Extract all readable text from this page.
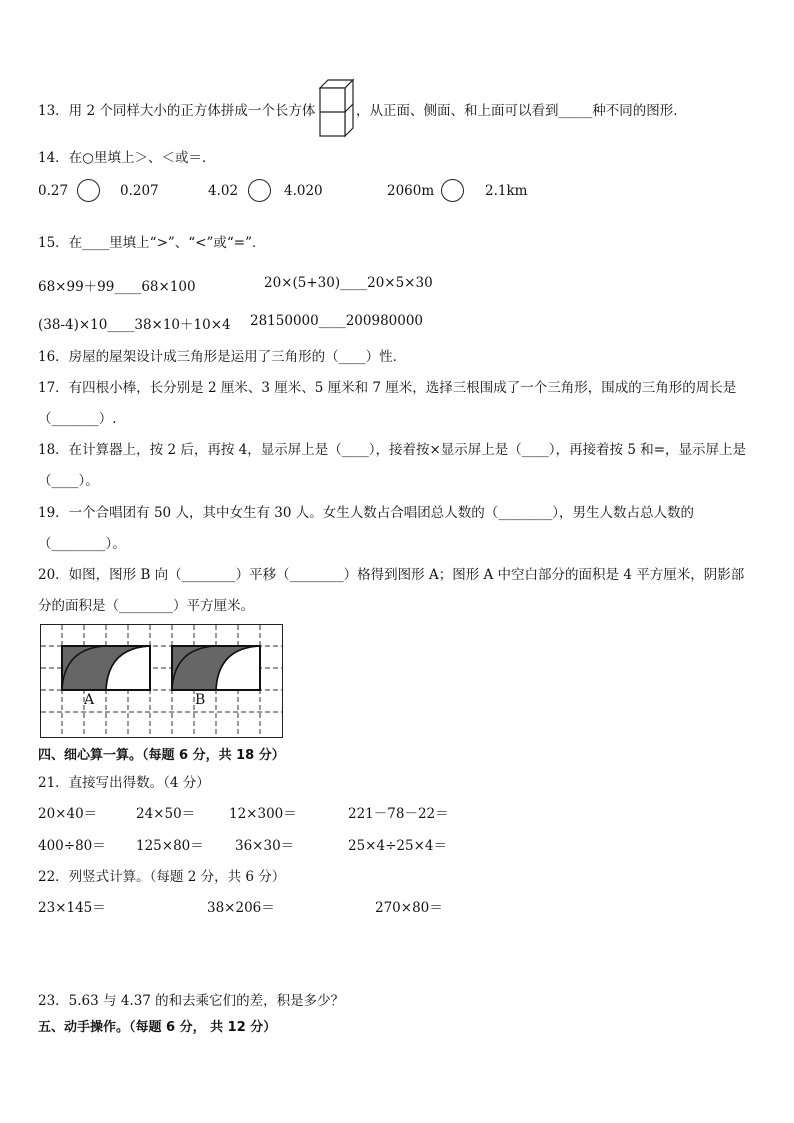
13．用 2 个同样大小的正方体拼成一个长方体	，从正面、侧面、和上面可以看到_____种不同的图形．
14．在○里填上＞、＜或＝．
0.27	0.207	4.02	4.020	2060m	2.1km
15．在____里填上“>”、“<”或“=”．
68×99＋99____68×100	20×(5+30)____20×5×30
(38-4)×10____38×10＋10×4 28150000____200980000
16．房屋的屋架设计成三角形是运用了三角形的（____）性．
17．有四根小棒，长分别是 2 厘米、3 厘米、5 厘米和 7 厘米，选择三根围成了一个三角形，围成的三角形的周长是
（_______）.
18．在计算器上，按 2 后，再按 4，显示屏上是（____），接着按×显示屏上是（____），再接着按 5 和=，显示屏上是
（____）。
19．一个合唱团有 50 人，其中女生有 30 人。女生人数占合唱团总人数的（________），男生人数占总人数的
（________）。
20．如图，图形 B 向（________）平移（________）格得到图形 A；图形 A 中空白部分的面积是 4 平方厘米，阴影部
分的面积是（________）平方厘米。
A	B
四、细心算一算。（每题 6 分，共 18 分）
21．直接写出得数。（4 分）
20×40＝	24×50＝	12×300＝	221－78－22＝
400÷80＝ 125×80＝ 36×30＝	25×4÷25×4＝
22．列竖式计算。（每题 2 分，共 6 分）
23×145＝	38×206＝	270×80＝
23．5.63 与 4.37 的和去乘它们的差，积是多少？
五、动手操作。（每题 6 分， 共 12 分）
